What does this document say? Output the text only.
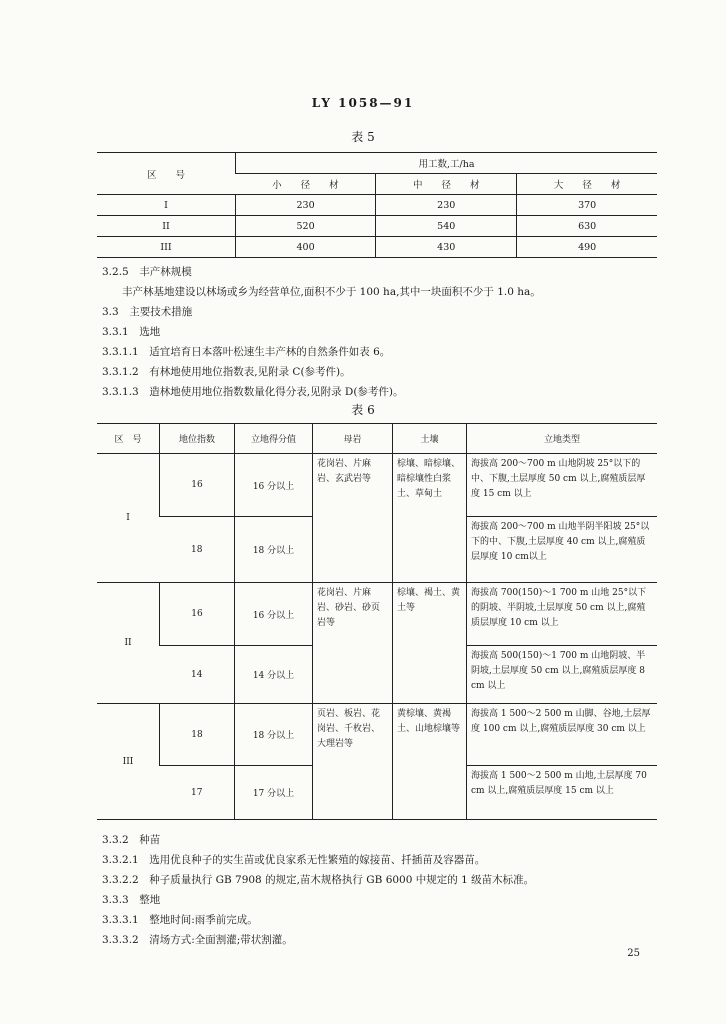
LY 1058—91
表 5
区　　号	用工数,工/ha		
	小　　径　　材	中　　径　　材	大　　径　　材
I	230	230	370
II	520	540	630
III	400	430	490
3.2.5　丰产林规模
丰产林基地建设以林场或乡为经营单位,面积不少于 100 ha,其中一块面积不少于 1.0 ha。
3.3　主要技术措施
3.3.1　选地
3.3.1.1　适宜培育日本落叶松速生丰产林的自然条件如表 6。
3.3.1.2　有林地使用地位指数表,见附录 C(参考件)。
3.3.1.3　造林地使用地位指数数量化得分表,见附录 D(参考件)。
表 6
区　号	地位指数	立地得分值	母岩	土壤	立地类型
I	16	16 分以上	花岗岩、片麻岩、玄武岩等	棕壤、暗棕壤、暗棕壤性白浆土、草甸土	海拔高 200～700 m 山地阴坡 25°以下的中、下腹,土层厚度 50 cm 以上,腐殖质层厚度 15 cm 以上
	18	18 分以上			海拔高 200～700 m 山地半阴半阳坡 25°以下的中、下腹,土层厚度 40 cm 以上,腐殖质层厚度 10 cm以上
II	16	16 分以上	花岗岩、片麻岩、砂岩、砂页岩等	棕壤、褐土、黄土等	海拔高 700(150)～1 700 m 山地 25°以下的阴坡、半阴坡,土层厚度 50 cm 以上,腐殖质层厚度 10 cm 以上
	14	14 分以上			海拔高 500(150)～1 700 m 山地阴坡、半阴坡,土层厚度 50 cm 以上,腐殖质层厚度 8 cm 以上
III	18	18 分以上	页岩、板岩、花岗岩、千枚岩、大理岩等	黄棕壤、黄褐土、山地棕壤等	海拔高 1 500～2 500 m 山脚、谷地,土层厚度 100 cm 以上,腐殖质层厚度 30 cm 以上
	17	17 分以上			海拔高 1 500～2 500 m 山地,土层厚度 70 cm 以上,腐殖质层厚度 15 cm 以上
3.3.2　种苗
3.3.2.1　选用优良种子的实生苗或优良家系无性繁殖的嫁接苗、扦插苗及容器苗。
3.3.2.2　种子质量执行 GB 7908 的规定,苗木规格执行 GB 6000 中规定的 1 级苗木标准。
3.3.3　整地
3.3.3.1　整地时间:雨季前完成。
3.3.3.2　清场方式:全面割灌;带状割灌。
25
